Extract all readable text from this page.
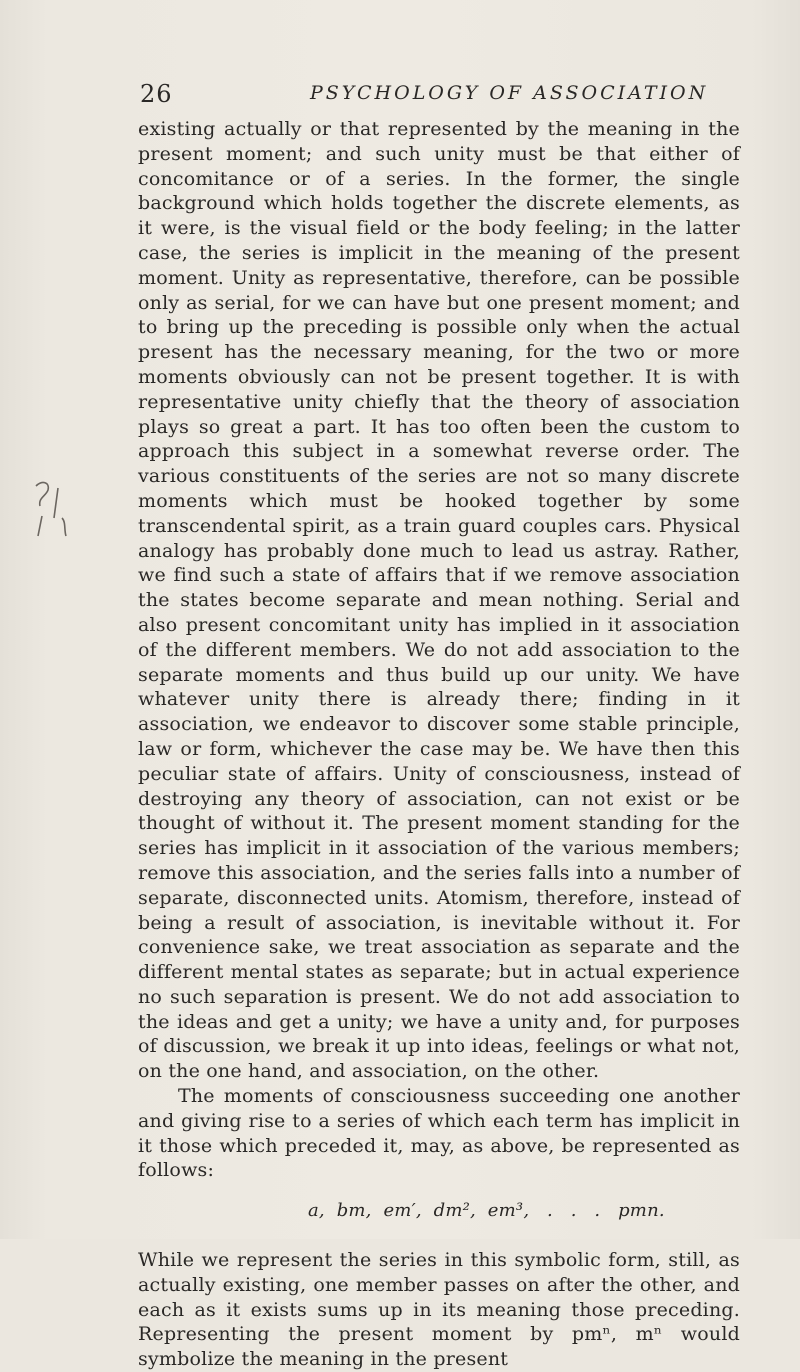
26	PSYCHOLOGY OF ASSOCIATION

existing actually or that represented by the meaning in the present moment; and such unity must be that either of concomitance or of a series. In the former, the single background which holds together the discrete elements, as it were, is the visual field or the body feeling; in the latter case, the series is implicit in the meaning of the present moment. Unity as representative, therefore, can be possible only as serial, for we can have but one present moment; and to bring up the preceding is possible only when the actual present has the necessary meaning, for the two or more moments obviously can not be present together. It is with representative unity chiefly that the theory of association plays so great a part. It has too often been the custom to approach this subject in a somewhat reverse order. The various constituents of the series are not so many discrete moments which must be hooked together by some transcendental spirit, as a train guard couples cars. Physical analogy has probably done much to lead us astray. Rather, we find such a state of affairs that if we remove association the states become separate and mean nothing. Serial and also present concomitant unity has implied in it association of the different members. We do not add association to the separate moments and thus build up our unity. We have whatever unity there is already there; finding in it association, we endeavor to discover some stable principle, law or form, whichever the case may be. We have then this peculiar state of affairs. Unity of consciousness, instead of destroying any theory of association, can not exist or be thought of without it. The present moment standing for the series has implicit in it association of the various members; remove this association, and the series falls into a number of separate, disconnected units. Atomism, therefore, instead of being a result of association, is inevitable without it. For convenience sake, we treat association as separate and the different mental states as separate; but in actual experience no such separation is present. We do not add association to the ideas and get a unity; we have a unity and, for purposes of discussion, we break it up into ideas, feelings or what not, on the one hand, and association, on the other.

The moments of consciousness succeeding one another and giving rise to a series of which each term has implicit in it those which preceded it, may, as above, be represented as follows:

a,  bm,  em′,  dm²,  em³,   .   .   .   pmn.

While we represent the series in this symbolic form, still, as actually existing, one member passes on after the other, and each as it exists sums up in its meaning those preceding. Representing the present moment by pmⁿ, mⁿ would symbolize the meaning in the present
